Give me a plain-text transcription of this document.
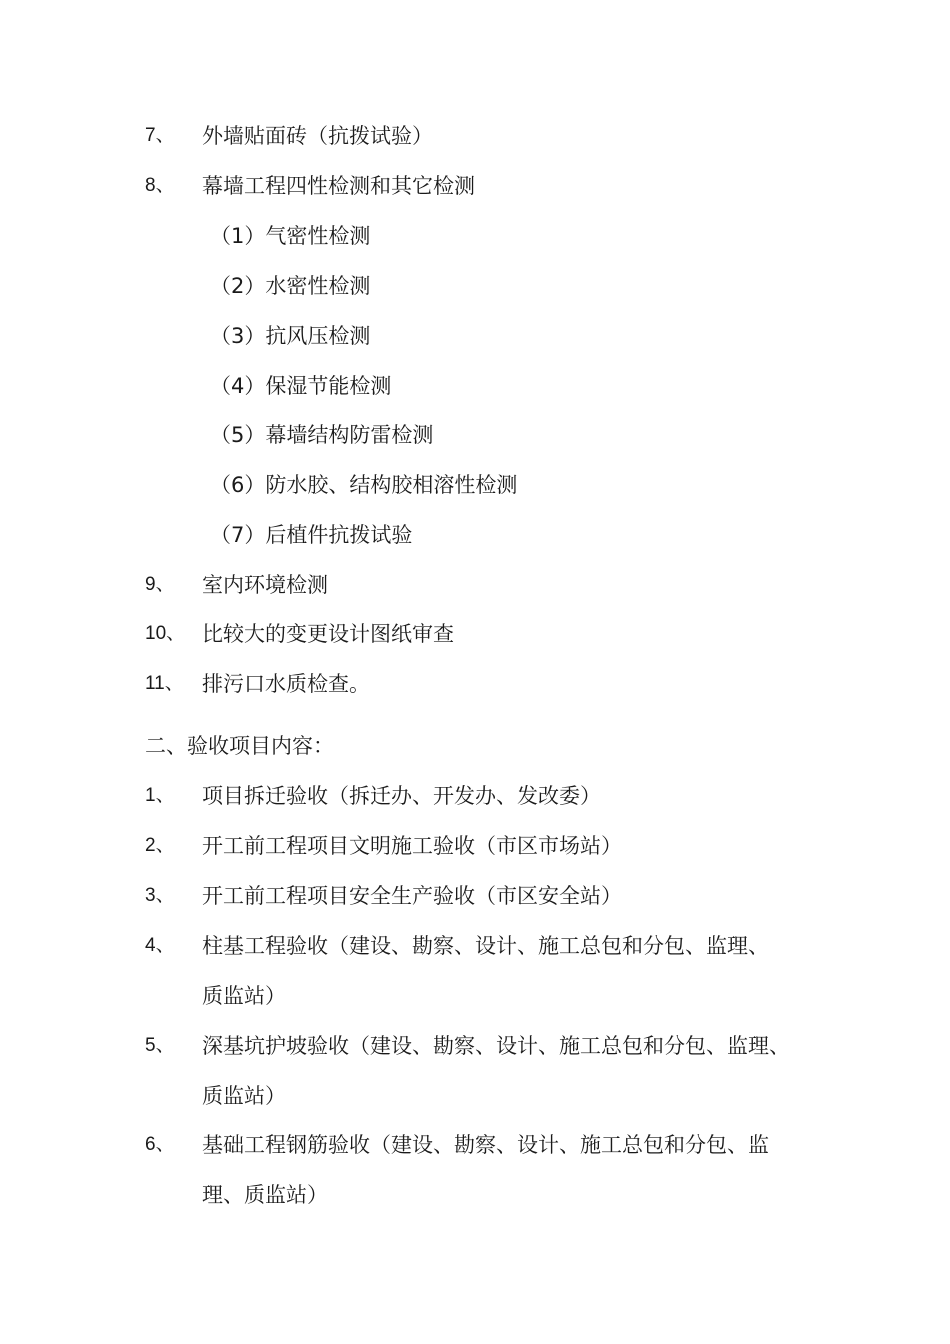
7、 外墙贴面砖（抗拨试验）
8、 幕墙工程四性检测和其它检测
（1）气密性检测
（2）水密性检测
（3）抗风压检测
（4）保湿节能检测
（5）幕墙结构防雷检测
（6）防水胶、结构胶相溶性检测
（7）后植件抗拨试验
9、 室内环境检测
10、 比较大的变更设计图纸审查
11、 排污口水质检查。
二、验收项目内容：
1、 项目拆迁验收（拆迁办、开发办、发改委）
2、 开工前工程项目文明施工验收（市区市场站）
3、 开工前工程项目安全生产验收（市区安全站）
4、 柱基工程验收（建设、勘察、设计、施工总包和分包、监理、
质监站）
5、 深基坑护坡验收（建设、勘察、设计、施工总包和分包、监理、
质监站）
6、 基础工程钢筋验收（建设、勘察、设计、施工总包和分包、监
理、质监站）
